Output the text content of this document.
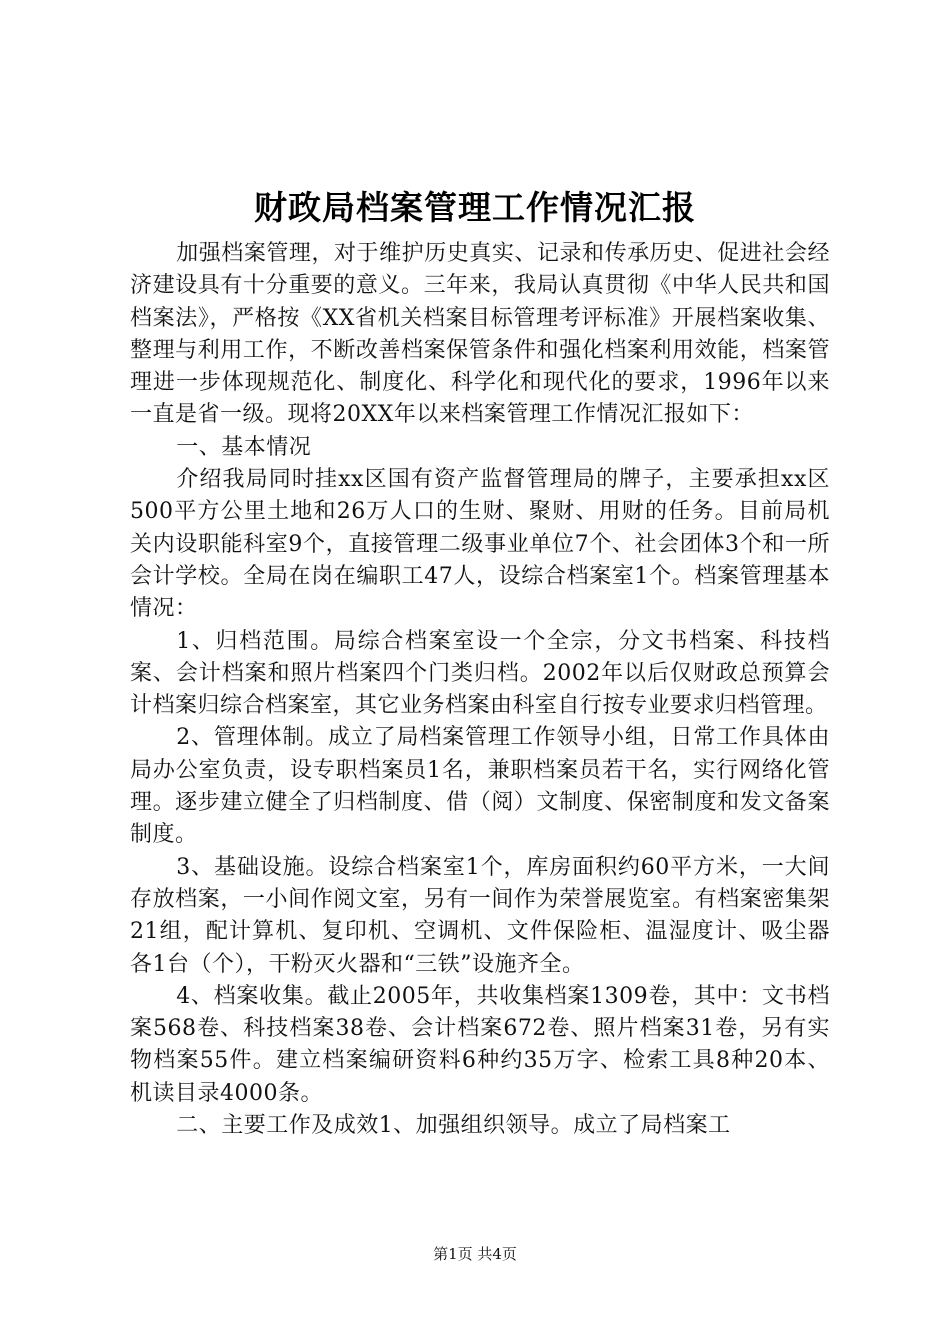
财政局档案管理工作情况汇报

加强档案管理，对于维护历史真实、记录和传承历史、促进社会经济建设具有十分重要的意义。三年来，我局认真贯彻《中华人民共和国档案法》，严格按《XX省机关档案目标管理考评标准》开展档案收集、整理与利用工作，不断改善档案保管条件和强化档案利用效能，档案管理进一步体现规范化、制度化、科学化和现代化的要求，1996年以来一直是省一级。现将20XX年以来档案管理工作情况汇报如下：

一、基本情况

介绍我局同时挂xx区国有资产监督管理局的牌子，主要承担xx区500平方公里土地和26万人口的生财、聚财、用财的任务。目前局机关内设职能科室9个，直接管理二级事业单位7个、社会团体3个和一所会计学校。全局在岗在编职工47人，设综合档案室1个。档案管理基本情况：

1、归档范围。局综合档案室设一个全宗，分文书档案、科技档案、会计档案和照片档案四个门类归档。2002年以后仅财政总预算会计档案归综合档案室，其它业务档案由科室自行按专业要求归档管理。

2、管理体制。成立了局档案管理工作领导小组，日常工作具体由局办公室负责，设专职档案员1名，兼职档案员若干名，实行网络化管理。逐步建立健全了归档制度、借（阅）文制度、保密制度和发文备案制度。

3、基础设施。设综合档案室1个，库房面积约60平方米，一大间存放档案，一小间作阅文室，另有一间作为荣誉展览室。有档案密集架21组，配计算机、复印机、空调机、文件保险柜、温湿度计、吸尘器各1台（个），干粉灭火器和“三铁”设施齐全。

4、档案收集。截止2005年，共收集档案1309卷，其中：文书档案568卷、科技档案38卷、会计档案672卷、照片档案31卷，另有实物档案55件。建立档案编研资料6种约35万字、检索工具8种20本、机读目录4000条。

二、主要工作及成效1、加强组织领导。成立了局档案工

第1页 共4页
